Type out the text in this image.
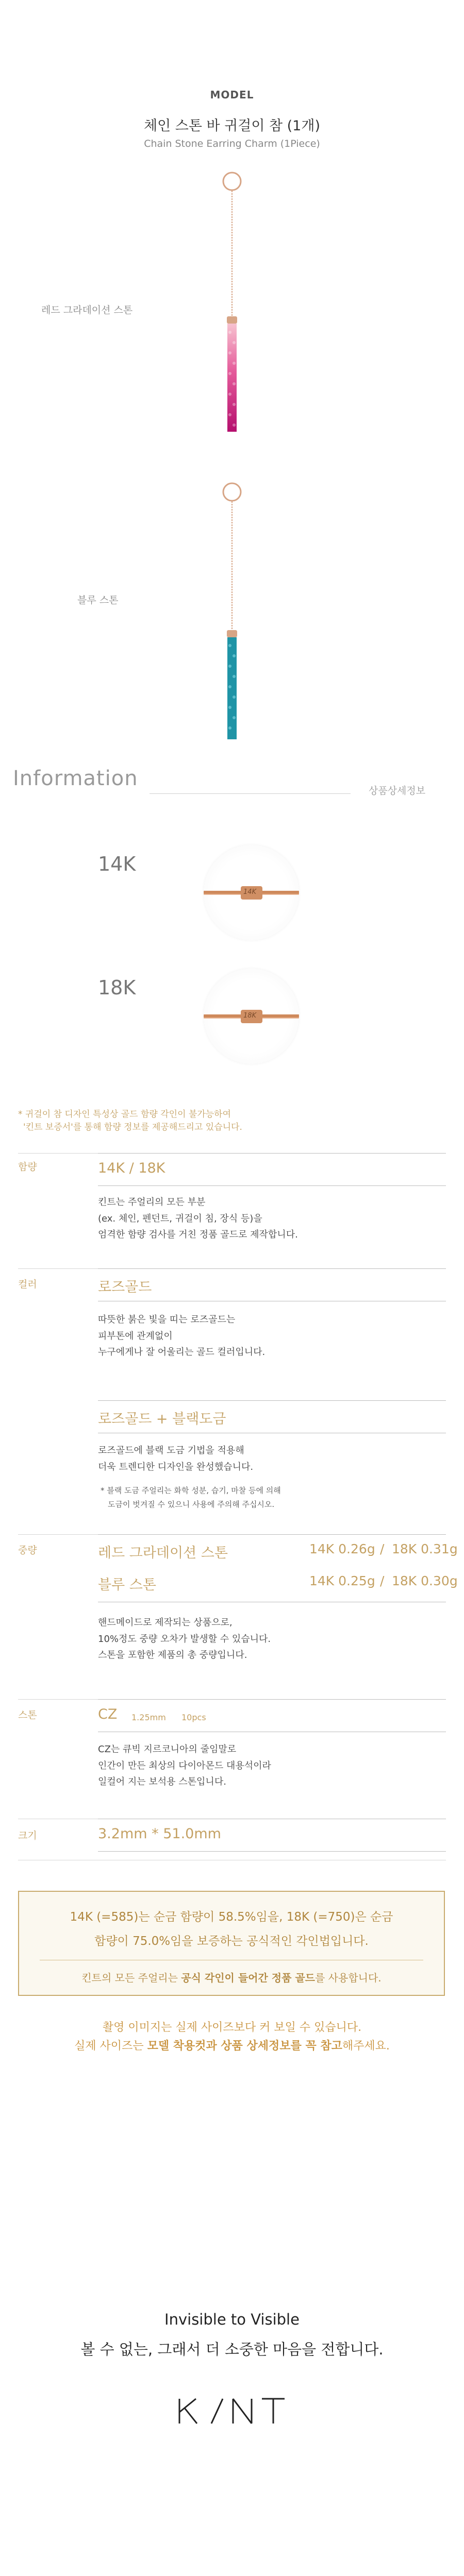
MODEL
체인 스톤 바 귀걸이 참 (1개)
Chain Stone Earring Charm (1Piece)
레드 그라데이션 스톤
블루 스톤
Information
상품상세정보
14K
14K
18K
18K
* 귀걸이 참 디자인 특성상 골드 함량 각인이 불가능하여
'킨트 보증서'를 통해 함량 정보를 제공해드리고 있습니다.
함량	14K / 18K
킨트는 주얼리의 모든 부분
(ex. 체인, 펜던트, 귀걸이 침, 장식 등)을
엄격한 함량 검사를 거친 정품 골드로 제작합니다.
컬러	로즈골드
따뜻한 붉은 빛을 띠는 로즈골드는
피부톤에 관계없이
누구에게나 잘 어울리는 골드 컬러입니다.
로즈골드 + 블랙도금
로즈골드에 블랙 도금 기법을 적용해
더욱 트렌디한 디자인을 완성했습니다.
* 블랙 도금 주얼리는 화학 성분, 습기, 마찰 등에 의해
도금이 벗겨질 수 있으니 사용에 주의해 주십시오.
중량	레드 그라데이션 스톤	14K 0.26g / 18K 0.31g
블루 스톤	14K 0.25g / 18K 0.30g
핸드메이드로 제작되는 상품으로,
10%정도 중량 오차가 발생할 수 있습니다.
스톤을 포함한 제품의 총 중량입니다.
스톤	CZ 1.25mm 10pcs
CZ는 큐빅 지르코니아의 줄임말로
인간이 만든 최상의 다이아몬드 대용석이라
일컬어 지는 보석용 스톤입니다.
크기	3.2mm * 51.0mm
14K (=585)는 순금 함량이 58.5%임을, 18K (=750)은 순금
함량이 75.0%임을 보증하는 공식적인 각인법입니다.
킨트의 모든 주얼리는 공식 각인이 들어간 정품 골드를 사용합니다.
촬영 이미지는 실제 사이즈보다 커 보일 수 있습니다.
실제 사이즈는 모델 착용컷과 상품 상세정보를 꼭 참고해주세요.
Invisible to Visible
볼 수 없는, 그래서 더 소중한 마음을 전합니다.
